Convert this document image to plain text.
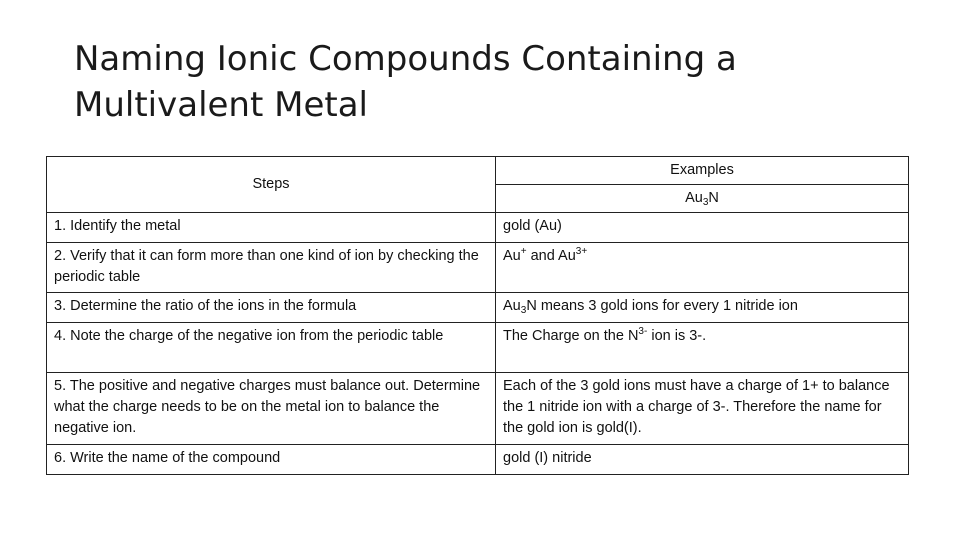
Naming Ionic Compounds Containing a
Multivalent Metal
Steps	Examples
	$Au_3N$
1. Identify the metal	gold (Au)
2. Verify that it can form more than one kind of ion by checking the periodic table	Au+ and $Au^{3+}$
3. Determine the ratio of the ions in the formula	$Au_3N$ means 3 gold ions for every 1 nitride ion
4. Note the charge of the negative ion from the periodic table	The Charge on the $N^{3-}$ ion is 3-.
5. The positive and negative charges must balance out. Determine what the charge needs to be on the metal ion to balance the negative ion.	Each of the 3 gold ions must have a charge of 1+ to balance the 1 nitride ion with a charge of 3-. Therefore the name for the gold ion is gold(I).
6. Write the name of the compound	gold (I) nitride
